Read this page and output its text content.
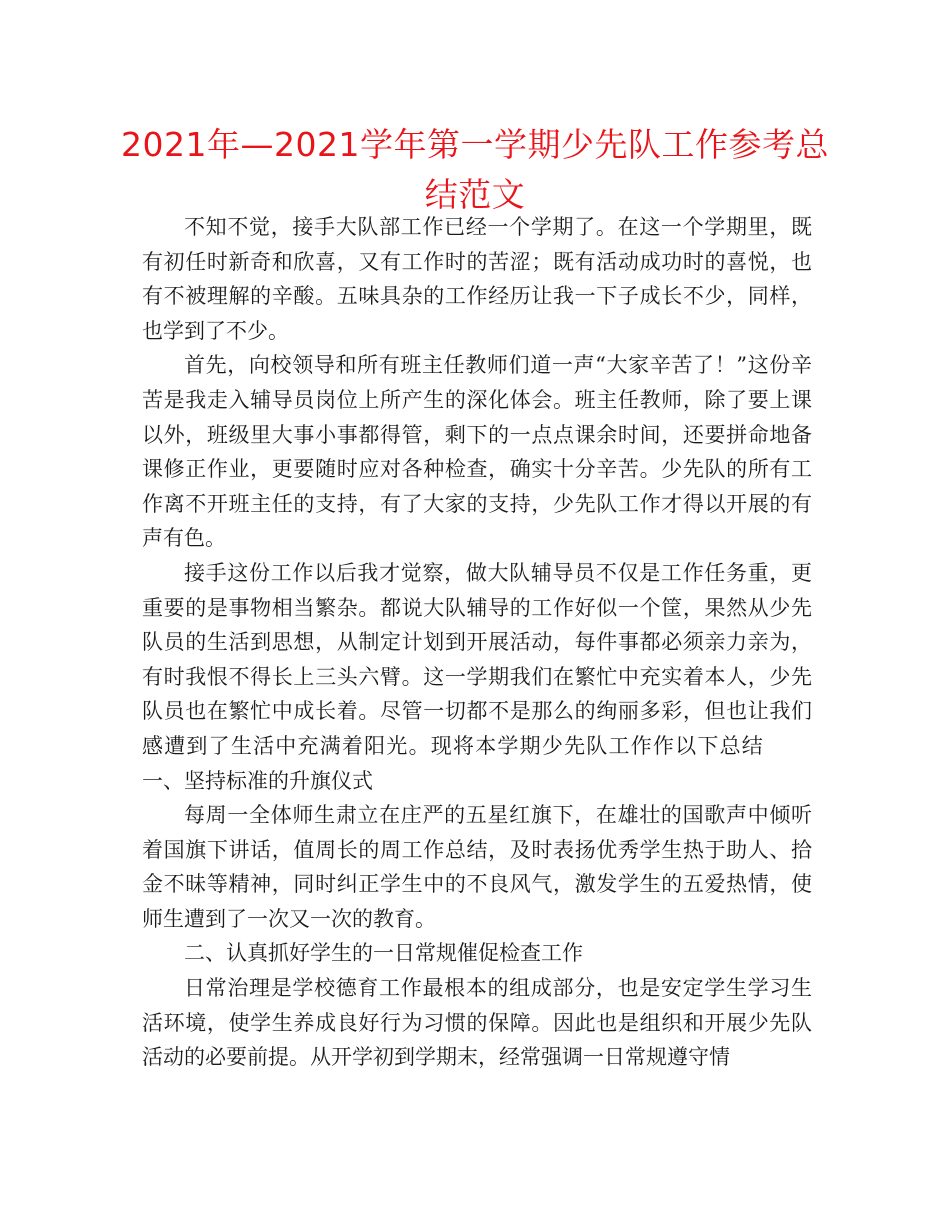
2021年—2021学年第一学期少先队工作参考总结范文

不知不觉，接手大队部工作已经一个学期了。在这一个学期里，既有初任时新奇和欣喜，又有工作时的苦涩；既有活动成功时的喜悦，也有不被理解的辛酸。五味具杂的工作经历让我一下子成长不少，同样，也学到了不少。

首先，向校领导和所有班主任教师们道一声“大家辛苦了！”这份辛苦是我走入辅导员岗位上所产生的深化体会。班主任教师，除了要上课以外，班级里大事小事都得管，剩下的一点点课余时间，还要拼命地备课修正作业，更要随时应对各种检查，确实十分辛苦。少先队的所有工作离不开班主任的支持，有了大家的支持，少先队工作才得以开展的有声有色。

接手这份工作以后我才觉察，做大队辅导员不仅是工作任务重，更重要的是事物相当繁杂。都说大队辅导的工作好似一个筐，果然从少先队员的生活到思想，从制定计划到开展活动，每件事都必须亲力亲为，有时我恨不得长上三头六臂。这一学期我们在繁忙中充实着本人，少先队员也在繁忙中成长着。尽管一切都不是那么的绚丽多彩，但也让我们感遭到了生活中充满着阳光。现将本学期少先队工作作以下总结一、坚持标准的升旗仪式

每周一全体师生肃立在庄严的五星红旗下，在雄壮的国歌声中倾听着国旗下讲话，值周长的周工作总结，及时表扬优秀学生热于助人、拾金不昧等精神，同时纠正学生中的不良风气，激发学生的五爱热情，使师生遭到了一次又一次的教育。

二、认真抓好学生的一日常规催促检查工作

日常治理是学校德育工作最根本的组成部分，也是安定学生学习生活环境，使学生养成良好行为习惯的保障。因此也是组织和开展少先队活动的必要前提。从开学初到学期末，经常强调一日常规遵守情
